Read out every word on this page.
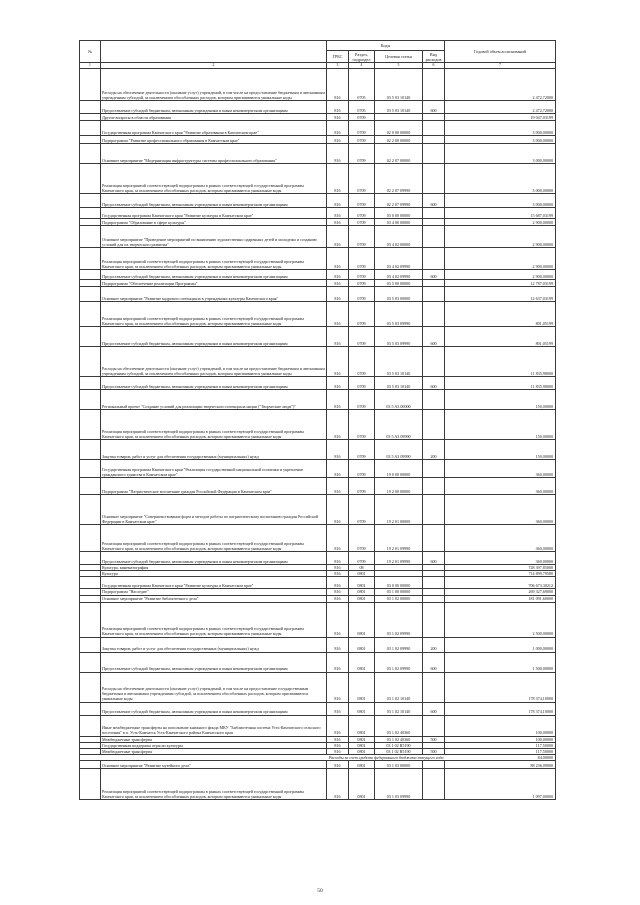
№		Коды				Годовой объем ассигнований
		ГРБС	Раздел, подраздел	Целевая статья	Вид расходов	
1	2	3	4	5	6	7
	Расходы на обеспечение деятельности (оказание услуг) учреждений, в том числе на предоставление бюджетным и автономным учреждениям субсидий, за исключением обособленных расходов, которым присваиваются уникальные коды	816	0705	03 5 03 10140		2 472,72000
	Предоставление субсидий бюджетным, автономным учреждениям и иным некоммерческим организациям	816	0705	03 5 03 10140	600	2 472,72000
	Другие вопросы в области образования	816	0709			19 047,03199
	Государственная программа Камчатского края "Развитие образования в Камчатском крае"	816	0709	02 0 00 00000		3 000,00000
	Подпрограмма "Развитие профессионального образования в Камчатском крае"	816	0709	02 2 00 00000		3 000,00000
	Основное мероприятие "Модернизация инфраструктуры системы профессионального образования"	816	0709	02 2 07 00000		3 000,00000
	Реализация мероприятий соответствующей подпрограммы в рамках соответствующей государственной программы Камчатского края, за исключением обособленных расходов, которым присваиваются уникальные коды	816	0709	02 2 07 09990		3 000,00000
	Предоставление субсидий бюджетным, автономным учреждениям и иным некоммерческим организациям	816	0709	02 2 07 09990	600	3 000,00000
	Государственная программа Камчатского края "Развитие культуры в Камчатском крае"	816	0709	03 0 00 00000		15 687,03199
	Подпрограмма "Образование в сфере культуры"	816	0709	03 4 00 00000		2 900,00000
	Основное мероприятие "Проведение мероприятий по выявлению художественно одаренных детей и молодежи и созданию условий для их творческого развития"	816	0709	03 4 02 00000		2 900,00000
	Реализация мероприятий соответствующей подпрограммы в рамках соответствующей государственной программы Камчатского края, за исключением обособленных расходов, которым присваиваются уникальные коды	816	0709	03 4 02 09990		2 900,00000
	Предоставление субсидий бюджетным, автономным учреждениям и иным некоммерческим организациям	816	0709	03 4 02 09990	600	2 900,00000
	Подпрограмма "Обеспечение реализации Программы"	816	0709	03 5 00 00000		12 787,03199
	Основное мероприятие "Развитие кадрового потенциала в учреждениях культуры Камчатского края"	816	0709	03 5 03 00000		12 637,03199
	Реализация мероприятий соответствующей подпрограммы в рамках соответствующей государственной программы Камчатского края, за исключением обособленных расходов, которым присваиваются уникальные коды	816	0709	03 5 03 09990		801,05199
	Предоставление субсидий бюджетным, автономным учреждениям и иным некоммерческим организациям	816	0709	03 5 03 09990	600	801,05199
	Расходы на обеспечение деятельности (оказание услуг) учреждений, в том числе на предоставление бюджетным и автономным учреждениям субсидий, за исключением обособленных расходов, которым присваиваются уникальные коды	816	0709	03 5 03 10140		11 835,98000
	Предоставление субсидий бюджетным, автономным учреждениям и иным некоммерческим организациям	816	0709	03 5 03 10140	600	11 835,98000
	Региональный проект "Создание условий для реализации творческого потенциала нации ("Творческие люди")"	816	0709	03 5 A3 00000		150,00000
	Реализация мероприятий соответствующей подпрограммы в рамках соответствующей государственной программы Камчатского края, за исключением обособленных расходов, которым присваиваются уникальные коды	816	0709	03 5 A3 09990		150,00000
	Закупка товаров, работ и услуг для обеспечения государственных (муниципальных) нужд	816	0709	03 5 A3 09990	200	150,00000
	Государственная программа Камчатского края "Реализация государственной национальной политики и укрепление гражданского единства в Камчатском крае"	816	0709	19 0 00 00000		360,00000
	Подпрограмма "Патриотическое воспитание граждан Российской Федерации в Камчатском крае"	816	0709	19 2 00 00000		360,00000
	Основное мероприятие "Совершенствование форм и методов работы по патриотическому воспитанию граждан Российской Федерации в Камчатском крае"	816	0709	19 2 01 00000		360,00000
	Реализация мероприятий соответствующей подпрограммы в рамках соответствующей государственной программы Камчатского края, за исключением обособленных расходов, которым присваиваются уникальные коды	816	0709	19 2 01 09990		360,00000
	Предоставление субсидий бюджетным, автономным учреждениям и иным некоммерческим организациям	816	0709	19 2 01 09990	600	360,00000
	Культура, кинематография	816	08			728 397,85000
	Культура	816	0801			714 899,79580
	Государственная программа Камчатского края "Развитие культуры в Камчатском крае"	816	0801	03 0 00 00000		706 673,30212
	Подпрограмма "Наследие"	816	0801	03 1 00 00000		269 327,69000
	Основное мероприятие "Развитие библиотечного дела"	816	0801	03 1 02 00000		181 091,60000
	Реализация мероприятий соответствующей подпрограммы в рамках соответствующей государственной программы Камчатского края, за исключением обособленных расходов, которым присваиваются уникальные коды	816	0801	03 1 02 09990		2 500,00000
	Закупка товаров, работ и услуг для обеспечения государственных (муниципальных) нужд	816	0801	03 1 02 09990	200	1 000,00000
	Предоставление субсидий бюджетным, автономным учреждениям и иным некоммерческим организациям	816	0801	03 1 02 09990	600	1 500,00000
	Расходы на обеспечение деятельности (оказание услуг) учреждений, в том числе на предоставление государственным бюджетным и автономным учреждениям субсидий, за исключением обособленных расходов, которым присваиваются уникальные коды	816	0801	03 1 02 10140		178 374,10000
	Предоставление субсидий бюджетным, автономным учреждениям и иным некоммерческим организациям	816	0801	03 1 02 10140	600	178 374,10000
	Иные межбюджетные трансферты на пополнение книжного фонда МКУ "Библиотечная система Усть-Камчатского сельского поселения" в п. Усть-Камчатск Усть-Камчатского района Камчатского края	816	0801	03 1 02 40360		100,00000
	Межбюджетные трансферты	816	0801	03 1 02 40360	500	100,00000
	Государственная поддержка отрасли культуры	816	0801	03 1 02 R5190		117,50000
	Межбюджетные трансферты	816	0801	03 1 02 R5190	500	117,50000
	Расходы за счет средств федерального бюджета текущего года					84,00000
	Основное мероприятие "Развитие музейного дела"	816	0801	03 1 03 00000		88 236,09000
	Реализация мероприятий соответствующей подпрограммы в рамках соответствующей государственной программы Камчатского края, за исключением обособленных расходов, которым присваиваются уникальные коды	816	0801	03 1 03 09990		1 097,00000
50
